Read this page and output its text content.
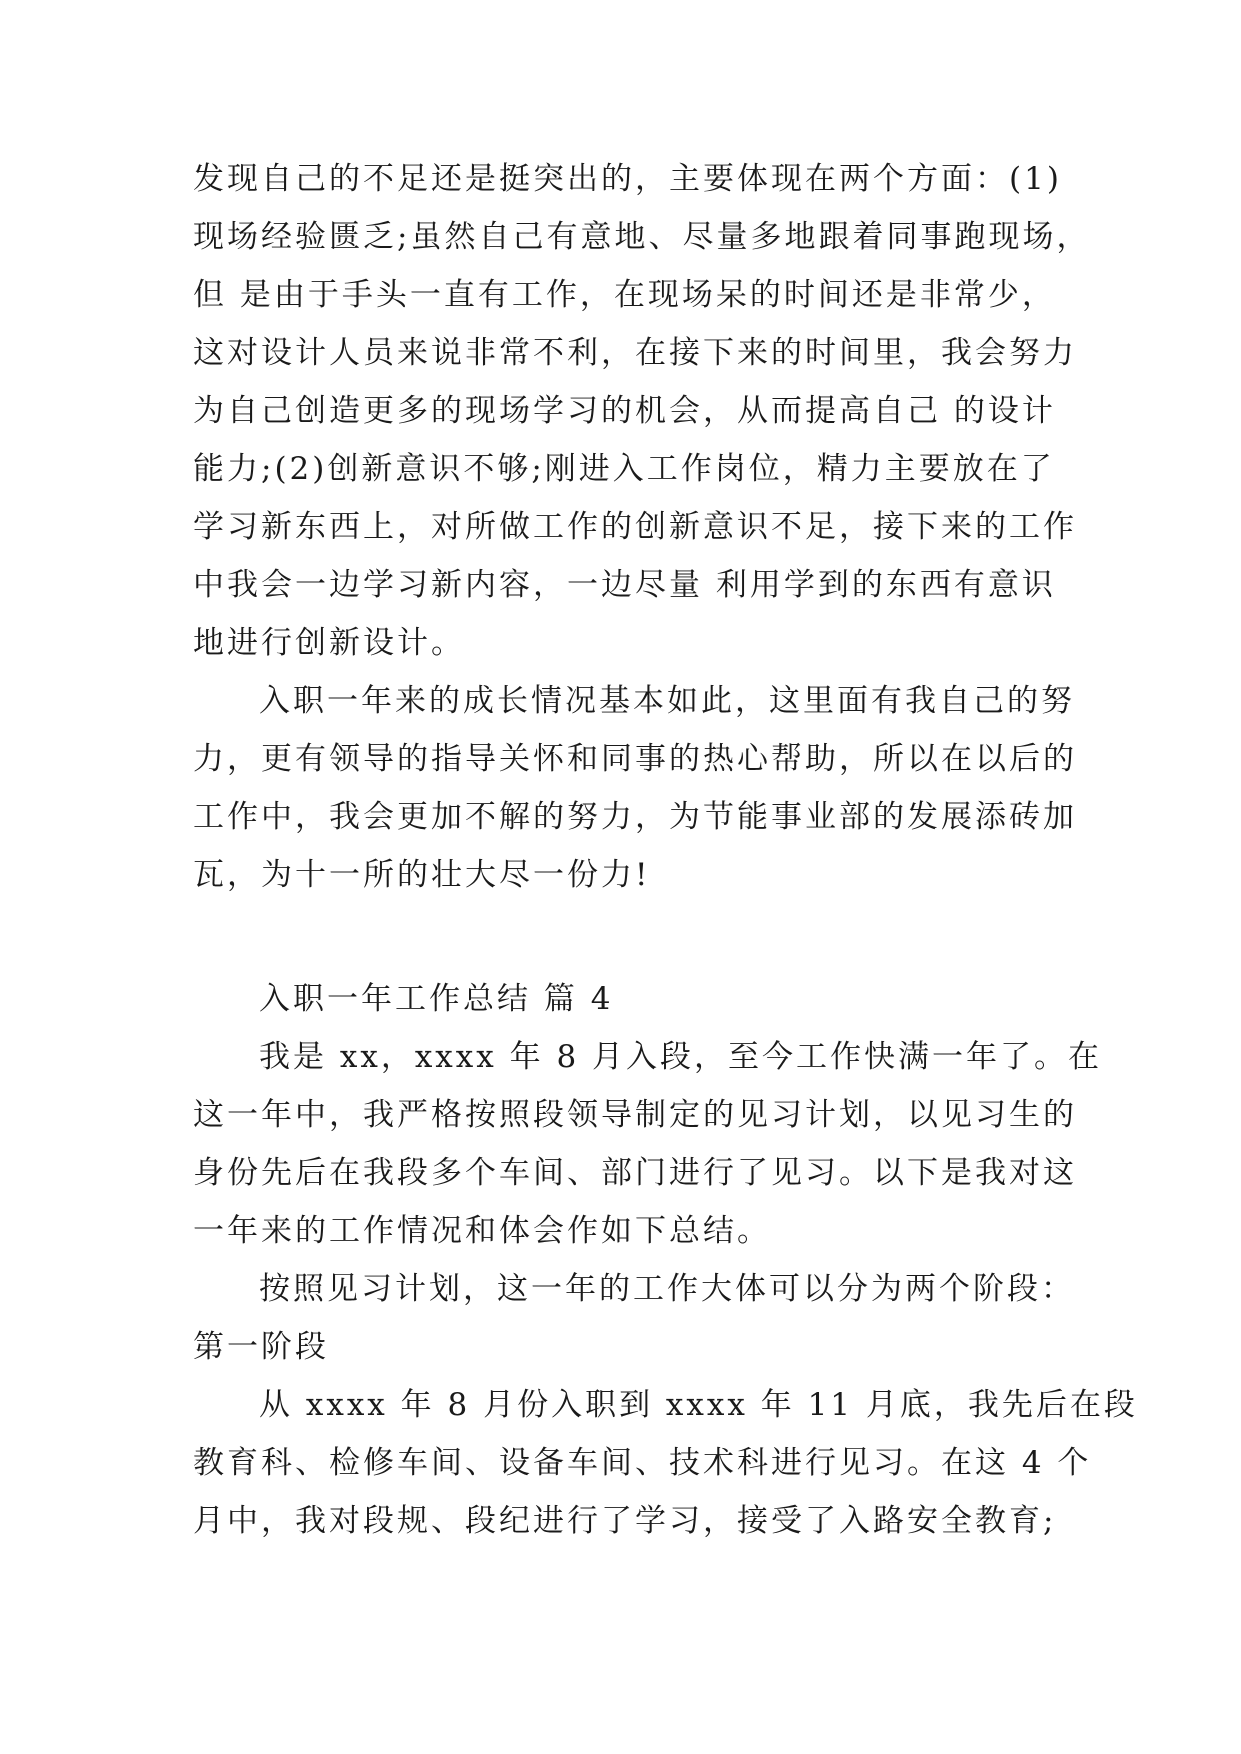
发现自己的不足还是挺突出的，主要体现在两个方面：(1)
现场经验匮乏;虽然自己有意地、尽量多地跟着同事跑现场，
但 是由于手头一直有工作，在现场呆的时间还是非常少，
这对设计人员来说非常不利，在接下来的时间里，我会努力
为自己创造更多的现场学习的机会，从而提高自己 的设计
能力;(2)创新意识不够;刚进入工作岗位，精力主要放在了
学习新东西上，对所做工作的创新意识不足，接下来的工作
中我会一边学习新内容，一边尽量 利用学到的东西有意识
地进行创新设计。
入职一年来的成长情况基本如此，这里面有我自己的努
力，更有领导的指导关怀和同事的热心帮助，所以在以后的
工作中，我会更加不解的努力，为节能事业部的发展添砖加
瓦，为十一所的壮大尽一份力!
入职一年工作总结 篇 4
我是 xx，xxxx 年 8 月入段，至今工作快满一年了。在
这一年中，我严格按照段领导制定的见习计划，以见习生的
身份先后在我段多个车间、部门进行了见习。以下是我对这
一年来的工作情况和体会作如下总结。
按照见习计划，这一年的工作大体可以分为两个阶段：
第一阶段
从 xxxx 年 8 月份入职到 xxxx 年 11 月底，我先后在段
教育科、检修车间、设备车间、技术科进行见习。在这 4 个
月中，我对段规、段纪进行了学习，接受了入路安全教育;
